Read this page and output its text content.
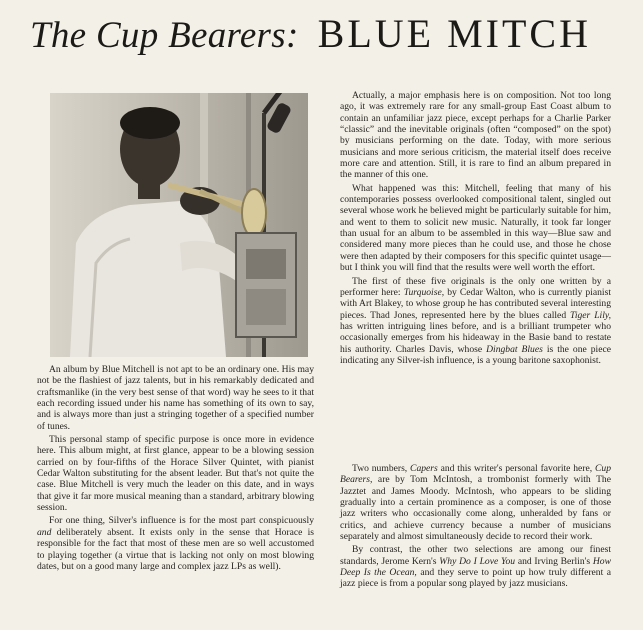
The Cup Bearers: BLUE MITCH

An album by Blue Mitchell is not apt to be an ordinary one. His may not be the flashiest of jazz talents, but in his remarkably dedicated and craftsmanlike (in the very best sense of that word) way he sees to it that each recording issued under his name has something of its own to say, and is always more than just a stringing together of a specified number of tunes.

This personal stamp of specific purpose is once more in evidence here. This album might, at first glance, appear to be a blowing session carried on by four-fifths of the Horace Silver Quintet, with pianist Cedar Walton substituting for the absent leader. But that's not quite the case. Blue Mitchell is very much the leader on this date, and in ways that give it far more musical meaning than a standard, arbitrary blowing session.

For one thing, Silver's influence is for the most part conspicuously and deliberately absent. It exists only in the sense that Horace is responsible for the fact that most of these men are so well accustomed to playing together (a virtue that is lacking not only on most blowing dates, but on a good many large and complex jazz LPs as well).

Actually, a major emphasis here is on composition. Not too long ago, it was extremely rare for any small-group East Coast album to contain an unfamiliar jazz piece, except perhaps for a Charlie Parker “classic” and the inevitable originals (often “composed” on the spot) by musicians performing on the date. Today, with more serious musicians and more serious criticism, the material itself does receive more care and attention. Still, it is rare to find an album prepared in the manner of this one.

What happened was this: Mitchell, feeling that many of his contemporaries possess overlooked compositional talent, singled out several whose work he believed might be particularly suitable for him, and went to them to solicit new music. Naturally, it took far longer than usual for an album to be assembled in this way—Blue saw and considered many more pieces than he could use, and those he chose were then adapted by their composers for this specific quintet usage—but I think you will find that the results were well worth the effort.

The first of these five originals is the only one written by a performer here: Turquoise, by Cedar Walton, who is currently pianist with Art Blakey, to whose group he has contributed several interesting pieces. Thad Jones, represented here by the blues called Tiger Lily, has written intriguing lines before, and is a brilliant trumpeter who occasionally emerges from his hideaway in the Basie band to restate his authority. Charles Davis, whose Dingbat Blues is the one piece indicating any Silver-ish influence, is a young baritone saxophonist.

Two numbers, Capers and this writer's personal favorite here, Cup Bearers, are by Tom McIntosh, a trombonist formerly with The Jazztet and James Moody. McIntosh, who appears to be sliding gradually into a certain prominence as a composer, is one of those jazz writers who occasionally come along, unheralded by fans or critics, and achieve currency because a number of musicians separately and almost simultaneously decide to record their work.

By contrast, the other two selections are among our finest standards, Jerome Kern's Why Do I Love You and Irving Berlin's How Deep Is the Ocean, and they serve to point up how truly different a jazz piece is from a popular song played by jazz musicians.
